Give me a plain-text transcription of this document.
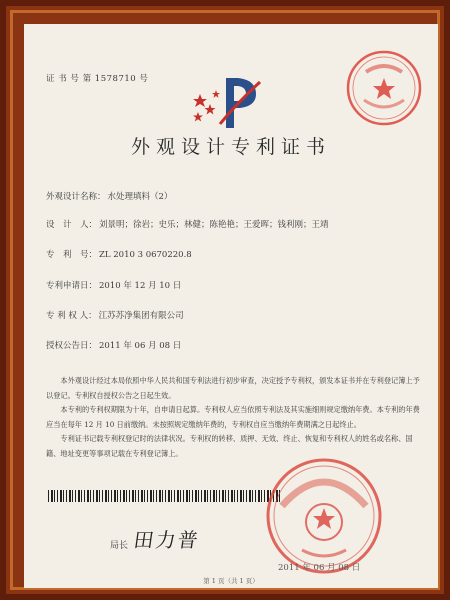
证 书 号 第 1578710 号
外观设计专利证书
外观设计名称： 水处理填料（2）
设　计　人： 刘景明；徐岩；史乐；林健；陈艳艳；王爱晖；钱利刚；王靖
专　利　号： ZL 2010 3 0670220.8
专利申请日： 2010 年 12 月 10 日
专 利 权 人： 江苏苏净集团有限公司
授权公告日： 2011 年 06 月 08 日

本外观设计经过本局依照中华人民共和国专利法进行初步审查，决定授予专利权，颁发本证书并在专利登记簿上予以登记。专利权自授权公告之日起生效。

本专利的专利权期限为十年，自申请日起算。专利权人应当依照专利法及其实施细则规定缴纳年费。本专利的年费应当在每年 12 月 10 日前缴纳。未按照规定缴纳年费的，专利权自应当缴纳年费期满之日起终止。

专利证书记载专利权登记时的法律状况。专利权的转移、质押、无效、终止、恢复和专利权人的姓名或名称、国籍、地址变更等事项记载在专利登记簿上。

局长 田力普
2011 年 06 月 08 日
第 1 页（共 1 页）
